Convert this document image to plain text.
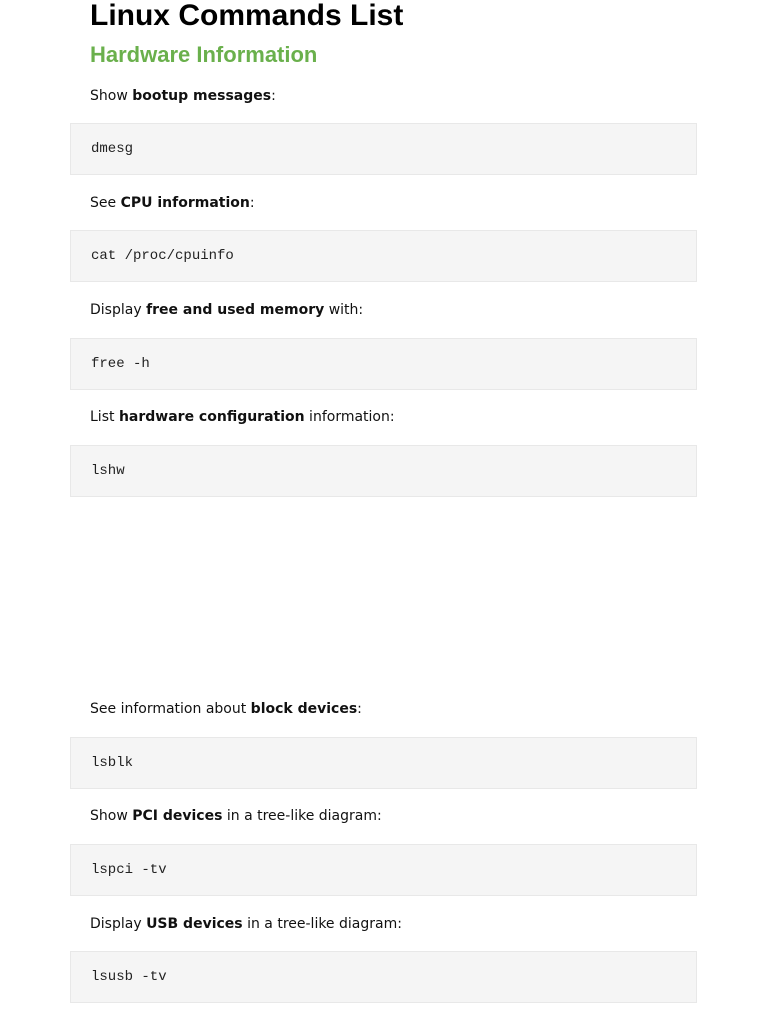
Linux Commands List
Hardware Information

Show bootup messages:

dmesg

See CPU information:

cat /proc/cpuinfo

Display free and used memory with:

free -h

List hardware configuration information:

lshw

See information about block devices:

lsblk

Show PCI devices in a tree-like diagram:

lspci -tv

Display USB devices in a tree-like diagram:

lsusb -tv
